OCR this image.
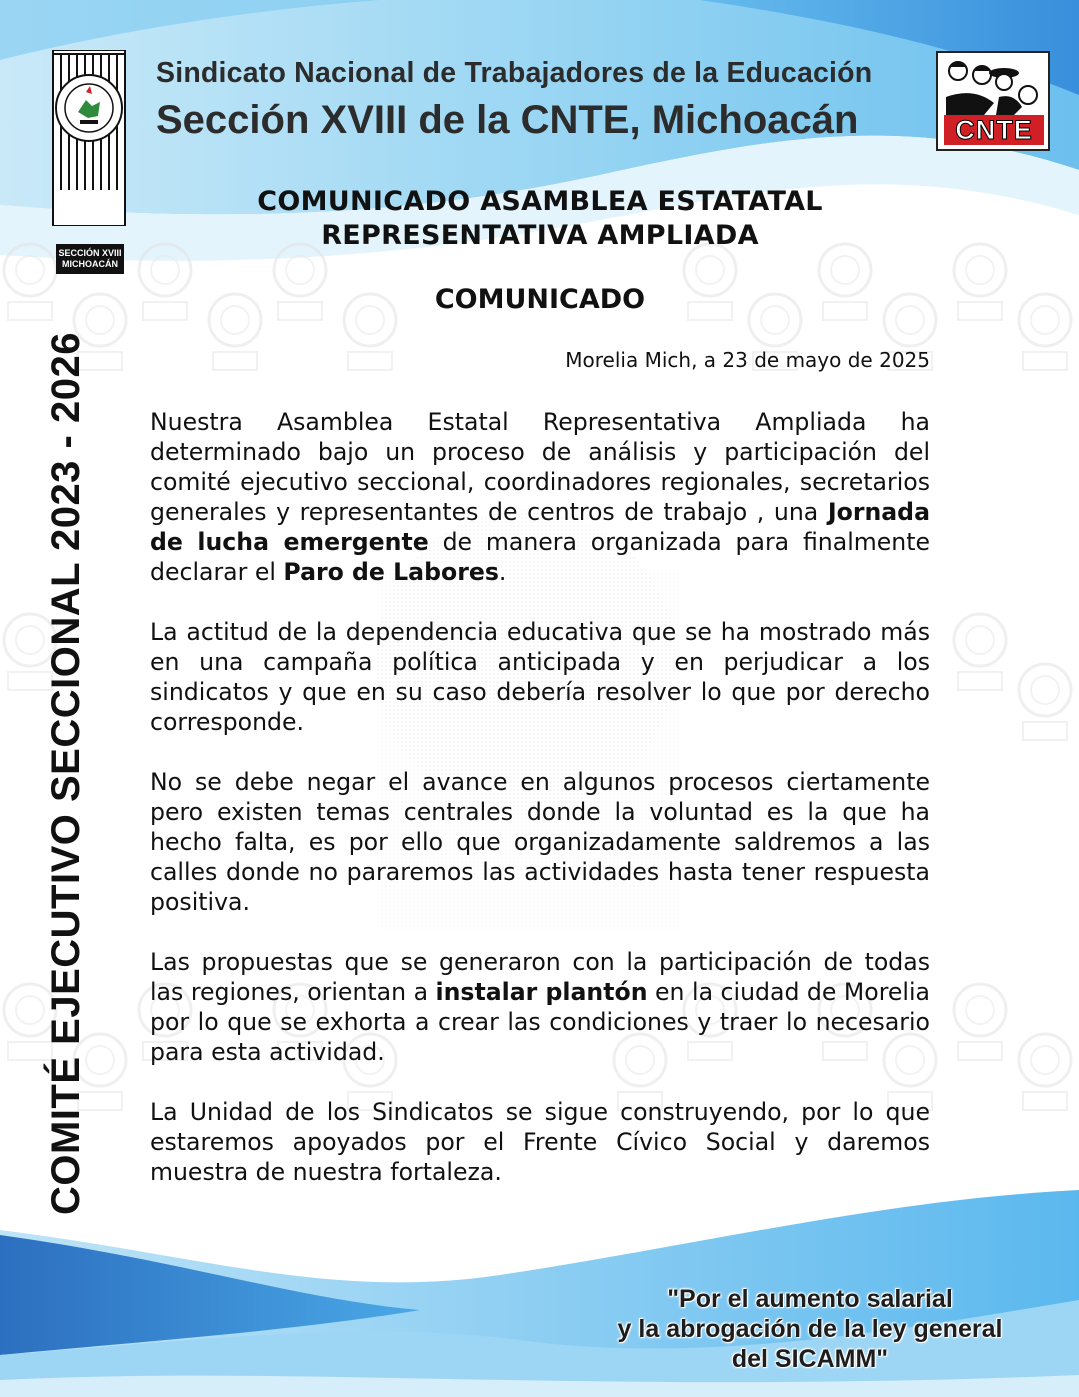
SECCIÓN XVIII MICHOACÁN
Sindicato Nacional de Trabajadores de la Educación
Sección XVIII de la CNTE, Michoacán	CNTE
COMITÉ EJECUTIVO SECCIONAL 2023 - 2026
COMUNICADO ASAMBLEA ESTATATAL
REPRESENTATIVA AMPLIADA
COMUNICADO
Morelia Mich, a 23 de mayo de 2025

Nuestra Asamblea Estatal Representativa Ampliada ha determinado bajo un proceso de análisis y participación del comité ejecutivo seccional, coordinadores regionales, secretarios generales y representantes de centros de trabajo , una Jornada de lucha emergente de manera organizada para finalmente declarar el Paro de Labores.

La actitud de la dependencia educativa que se ha mostrado más en una campaña política anticipada y en perjudicar a los sindicatos y que en su caso debería resolver lo que por derecho corresponde.

No se debe negar el avance en algunos procesos ciertamente pero existen temas centrales donde la voluntad es la que ha hecho falta, es por ello que organizadamente saldremos a las calles donde no pararemos las actividades hasta tener respuesta positiva.

Las propuestas que se generaron con la participación de todas las regiones, orientan a instalar plantón en la ciudad de Morelia por lo que se exhorta a crear las condiciones y traer lo necesario para esta actividad.

La Unidad de los Sindicatos se sigue construyendo, por lo que estaremos apoyados por el Frente Cívico Social y daremos muestra de nuestra fortaleza.

"Por el aumento salarial
y la abrogación de la ley general
del SICAMM"
